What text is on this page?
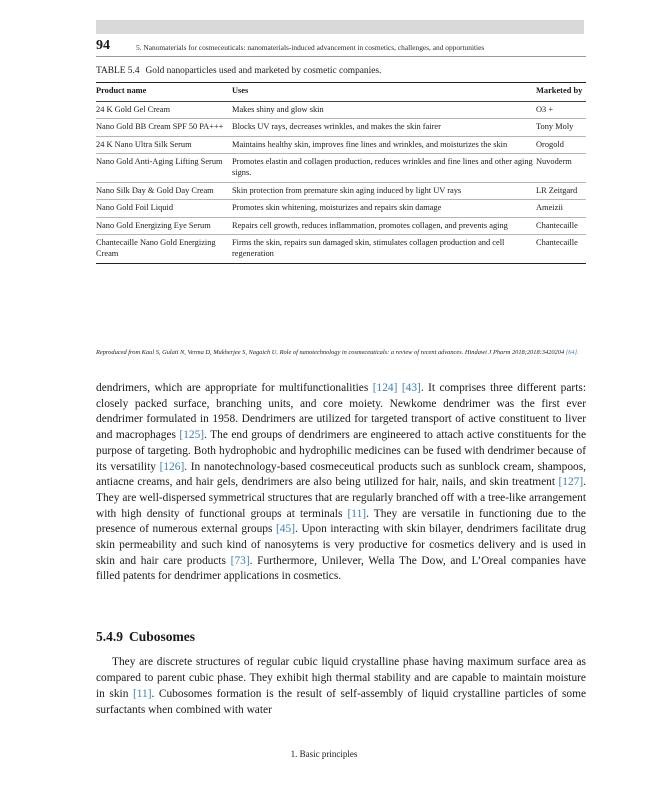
94	5. Nanomaterials for cosmeceuticals: nanomaterials-induced advancement in cosmetics, challenges, and opportunities
TABLE 5.4 Gold nanoparticles used and marketed by cosmetic companies.
Product name	Uses	Marketed by
24 K Gold Gel Cream	Makes shiny and glow skin	O3 +
Nano Gold BB Cream SPF 50 PA+++	Blocks UV rays, decreases wrinkles, and makes the skin fairer	Tony Moly
24 K Nano Ultra Silk Serum	Maintains healthy skin, improves fine lines and wrinkles, and moisturizes the skin	Orogold
Nano Gold Anti-Aging Lifting Serum	Promotes elastin and collagen production, reduces wrinkles and fine lines and other aging signs.	Nuvoderm
Nano Silk Day & Gold Day Cream	Skin protection from premature skin aging induced by light UV rays	LR Zeitgard
Nano Gold Foil Liquid	Promotes skin whitening, moisturizes and repairs skin damage	Ameizii
Nano Gold Energizing Eye Serum	Repairs cell growth, reduces inflammation, promotes collagen, and prevents aging	Chantecaille
Chantecaille Nano Gold Energizing Cream	Firms the skin, repairs sun damaged skin, stimulates collagen production and cell regeneration	Chantecaille
Reproduced from Kaul S, Gulati N, Verma D, Mukherjee S, Nagaich U. Role of nanotechnology in cosmeceuticals: a review of recent advances. Hindawi J Pharm 2018;2018:3420204 [64].

dendrimers, which are appropriate for multifunctionalities [124] [43]. It comprises three different parts: closely packed surface, branching units, and core moiety. Newkome dendrimer was the first ever dendrimer formulated in 1958. Dendrimers are utilized for targeted transport of active constituent to liver and macrophages [125]. The end groups of dendrimers are engineered to attach active constituents for the purpose of targeting. Both hydrophobic and hydrophilic medicines can be fused with dendrimer because of its versatility [126]. In nanotechnology-based cosmeceutical products such as sunblock cream, shampoos, antiacne creams, and hair gels, dendrimers are also being utilized for hair, nails, and skin treatment [127]. They are well-dispersed symmetrical structures that are regularly branched off with a tree-like arrangement with high density of functional groups at terminals [11]. They are versatile in functioning due to the presence of numerous external groups [45]. Upon interacting with skin bilayer, dendrimers facilitate drug skin permeability and such kind of nanosytems is very productive for cosmetics delivery and is used in skin and hair care products [73]. Furthermore, Unilever, Wella The Dow, and L’Oreal companies have filled patents for dendrimer applications in cosmetics.

5.4.9 Cubosomes

They are discrete structures of regular cubic liquid crystalline phase having maximum surface area as compared to parent cubic phase. They exhibit high thermal stability and are capable to maintain moisture in skin [11]. Cubosomes formation is the result of self-assembly of liquid crystalline particles of some surfactants when combined with water

1. Basic principles
